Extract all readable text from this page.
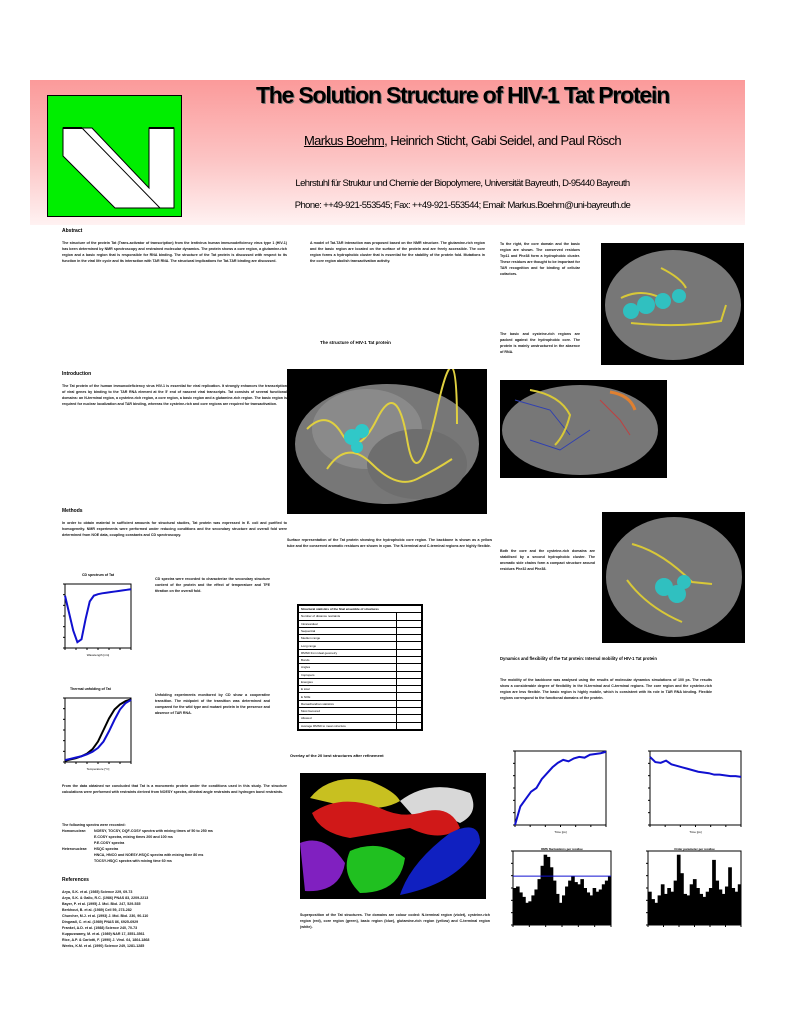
The Solution Structure of HIV-1 Tat Protein
Markus Boehm, Heinrich Sticht, Gabi Seidel, and Paul Rösch
Lehrstuhl für Struktur und Chemie der Biopolymere, Universität Bayreuth, D-95440 Bayreuth
Phone: ++49-921-553545; Fax: ++49-921-553544; Email: Markus.Boehm@uni-bayreuth.de
Abstract
The structure of the protein Tat (Trans-activator of transcription) from the lentivirus human immunodeficiency virus type 1 (HIV-1) has been determined by NMR spectroscopy and restrained molecular dynamics. The protein shows a core region, a glutamine-rich region and a basic region that is responsible for RNA binding. The structure of the Tat protein is discussed with respect to its function in the viral life cycle and its interaction with TAR RNA. The structural implications for Tat-TAR binding are discussed.
Introduction
The Tat protein of the human immunodeficiency virus HIV-1 is essential for viral replication. It strongly enhances the transcription of viral genes by binding to the TAR RNA element at the 5' end of nascent viral transcripts. Tat consists of several functional domains: an N-terminal region, a cysteine-rich region, a core region, a basic region and a glutamine-rich region. The basic region is required for nuclear localization and TAR binding, whereas the cysteine-rich and core regions are required for transactivation.
Methods
In order to obtain material in sufficient amounts for structural studies, Tat protein was expressed in E. coli and purified to homogeneity. NMR experiments were performed under reducing conditions and the secondary structure and overall fold were determined from NOE data, coupling constants and CD spectroscopy.
CD spectrum of Tat
Wavelength [nm]
CD spectra were recorded to characterize the secondary structure content of the protein and the effect of temperature and TFE titration on the overall fold.
Thermal unfolding of Tat
Temperature [°C]
Unfolding experiments monitored by CD show a cooperative transition. The midpoint of the transition was determined and compared for the wild type and mutant protein in the presence and absence of TAR RNA.
From the data obtained we concluded that Tat is a monomeric protein under the conditions used in this study. The structure calculations were performed with restraints derived from NOESY spectra, dihedral angle restraints and hydrogen bond restraints.
The following spectra were recorded:
Homonuclear:	NOESY, TOCSY, DQF-COSY spectra with mixing times of 50 to 250 ms
E.COSY spectra, mixing times 200 and 100 ms
P.E.COSY spectra
Heteronuclear:	HSQC spectra
HNCA, HNCO and NOESY-HSQC spectra with mixing time 80 ms
TOCSY-HSQC spectra with mixing time 60 ms
References
Arya, S.K. et al. (1985) Science 229, 69-73
Arya, S.K. & Gallo, R.C. (1986) PNAS 83, 2209-2213
Bayer, P. et al. (1995) J. Mol. Biol. 247, 529-535
Berkhout, B. et al. (1989) Cell 59, 273-282
Churcher, M.J. et al. (1993) J. Mol. Biol. 230, 90-110
Dingwall, C. et al. (1989) PNAS 86, 6925-6929
Frankel, A.D. et al. (1988) Science 240, 70-73
Kuppuswamy, M. et al. (1989) NAR 17, 3551-3561
Rice, A.P. & Carlotti, F. (1990) J. Virol. 64, 1864-1868
Weeks, K.M. et al. (1990) Science 249, 1281-1285
A model of Tat-TAR interaction was proposed based on the NMR structure. The glutamine-rich region and the basic region are located on the surface of the protein and are freely accessible. The core region forms a hydrophobic cluster that is essential for the stability of the protein fold. Mutations in the core region abolish transactivation activity.
The structure of HIV-1 Tat protein
Surface representation of the Tat protein showing the hydrophobic core region. The backbone is shown as a yellow tube and the conserved aromatic residues are shown in cyan. The N-terminal and C-terminal regions are highly flexible.
Structural statistics of the final ensemble of structures	
Number of distance restraints	
Intraresidual	
Sequential	
Medium range	
Long range	
RMSD from ideal geometry	
Bonds	
Angles	
Impropers	
Energies	
E total	
E NOE	
Ramachandran statistics	
Most favoured	
Allowed	
Average RMSD to mean structure	
Overlay of the 20 best structures after refinement
Superposition of the Tat structures. The domains are colour coded: N-terminal region (violet), cysteine-rich region (red), core region (green), basic region (blue), glutamine-rich region (yellow) and C-terminal region (white).
To the right, the core domain and the basic region are shown. The conserved residues Trp11 and Phe38 form a hydrophobic cluster. These residues are thought to be important for TAR recognition and for binding of cellular cofactors.
The basic and cysteine-rich regions are packed against the hydrophobic core. The protein is mainly unstructured in the absence of RNA.
Both the core and the cysteine-rich domains are stabilised by a second hydrophobic cluster. The aromatic side chains form a compact structure around residues Phe32 and Phe38.
Dynamics and flexibility of the Tat protein: Internal mobility of HIV-1 Tat protein
The mobility of the backbone was analysed using the results of molecular dynamics simulations of 100 ps. The results show a considerable degree of flexibility in the N-terminal and C-terminal regions. The core region and the cysteine-rich region are less flexible. The basic region is highly mobile, which is consistent with its role in TAR RNA binding. Flexible regions correspond to the functional domains of the protein.
Time [ps]	Time [ps]
RMS fluctuations per residue	Order parameter per residue
